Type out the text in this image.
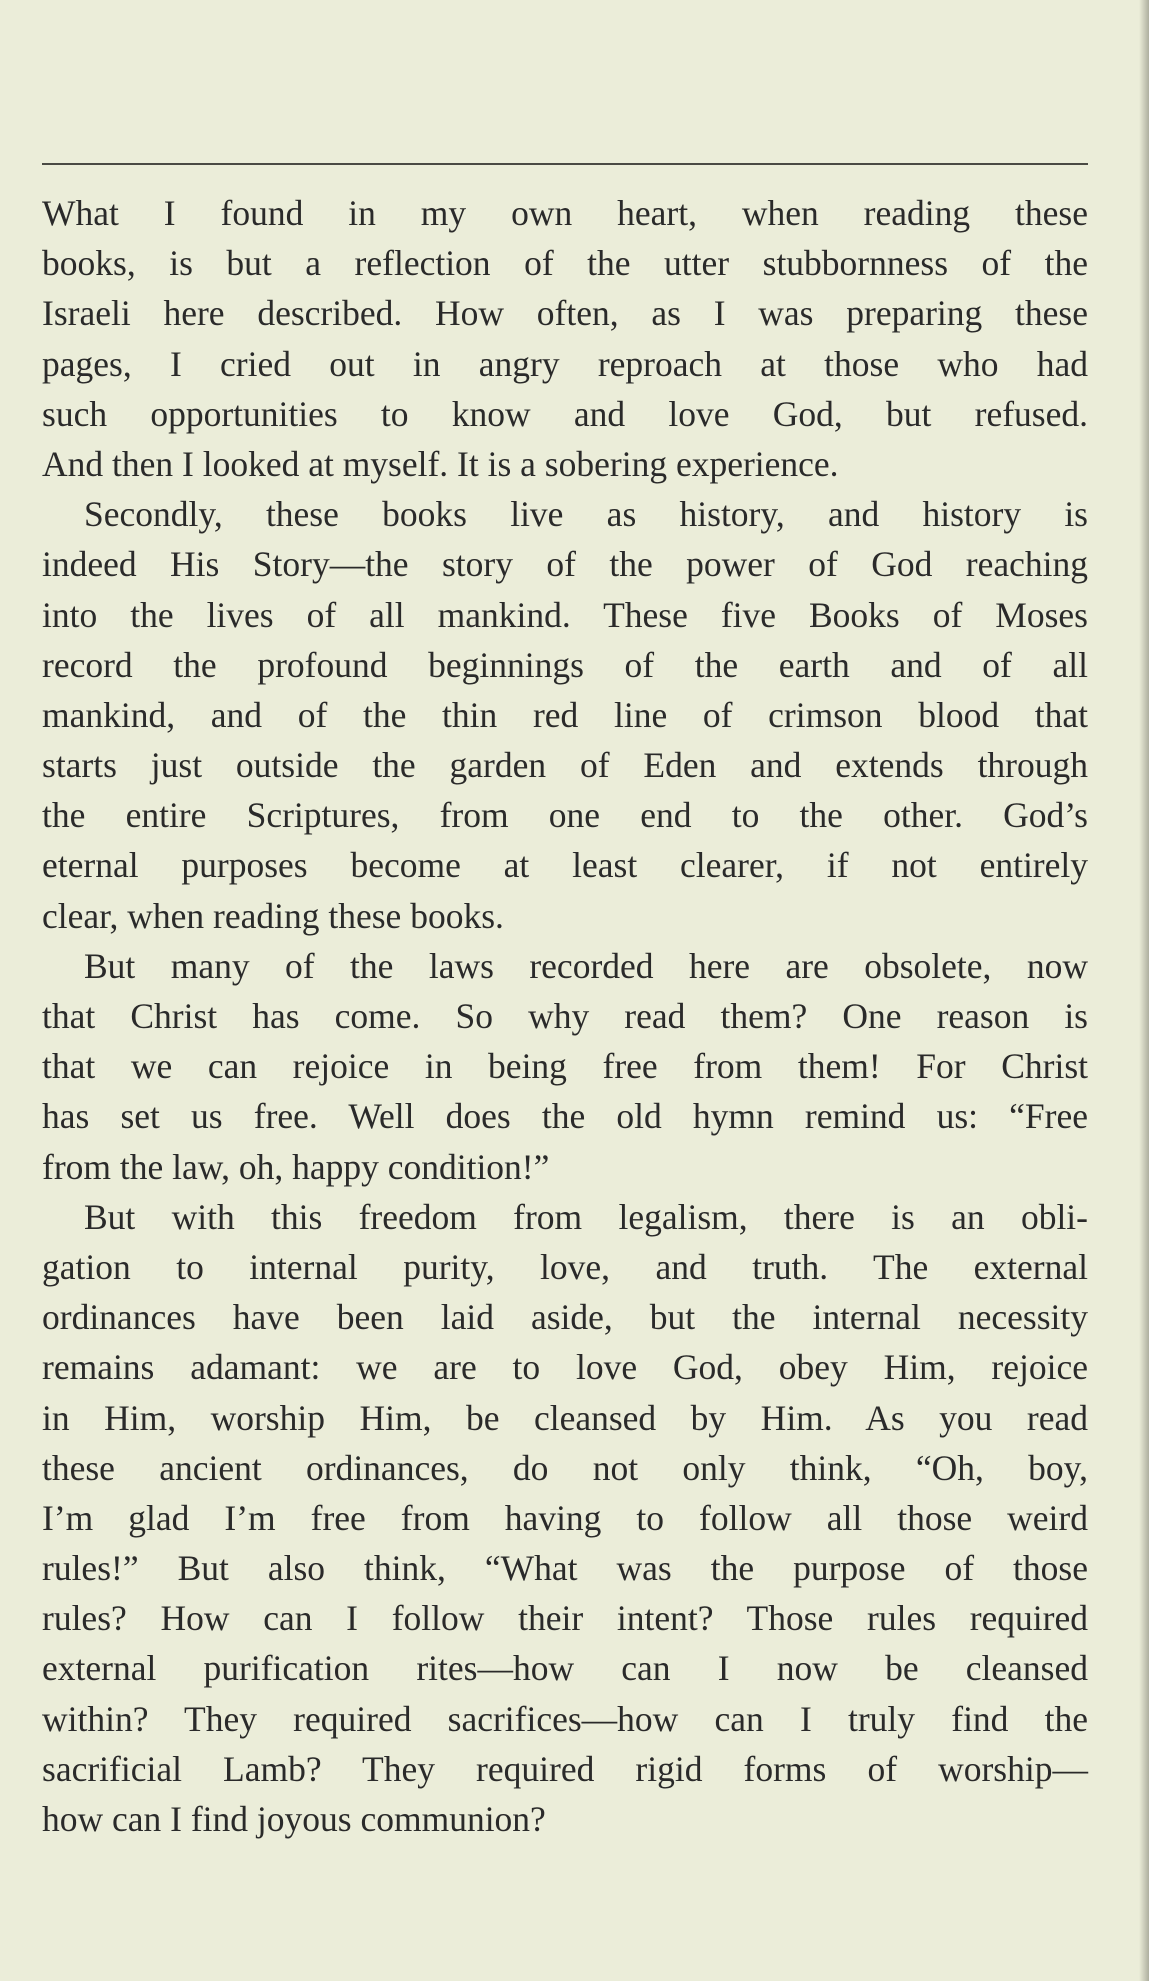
What I found in my own heart, when reading these
books, is but a reflection of the utter stubbornness of the
Israeli here described. How often, as I was preparing these
pages, I cried out in angry reproach at those who had
such opportunities to know and love God, but refused.
And then I looked at myself. It is a sobering experience.
Secondly, these books live as history, and history is
indeed His Story—the story of the power of God reaching
into the lives of all mankind. These five Books of Moses
record the profound beginnings of the earth and of all
mankind, and of the thin red line of crimson blood that
starts just outside the garden of Eden and extends through
the entire Scriptures, from one end to the other. God’s
eternal purposes become at least clearer, if not entirely
clear, when reading these books.
But many of the laws recorded here are obsolete, now
that Christ has come. So why read them? One reason is
that we can rejoice in being free from them! For Christ
has set us free. Well does the old hymn remind us: “Free
from the law, oh, happy condition!”
But with this freedom from legalism, there is an obli-
gation to internal purity, love, and truth. The external
ordinances have been laid aside, but the internal necessity
remains adamant: we are to love God, obey Him, rejoice
in Him, worship Him, be cleansed by Him. As you read
these ancient ordinances, do not only think, “Oh, boy,
I’m glad I’m free from having to follow all those weird
rules!” But also think, “What was the purpose of those
rules? How can I follow their intent? Those rules required
external purification rites—how can I now be cleansed
within? They required sacrifices—how can I truly find the
sacrificial Lamb? They required rigid forms of worship—
how can I find joyous communion?
